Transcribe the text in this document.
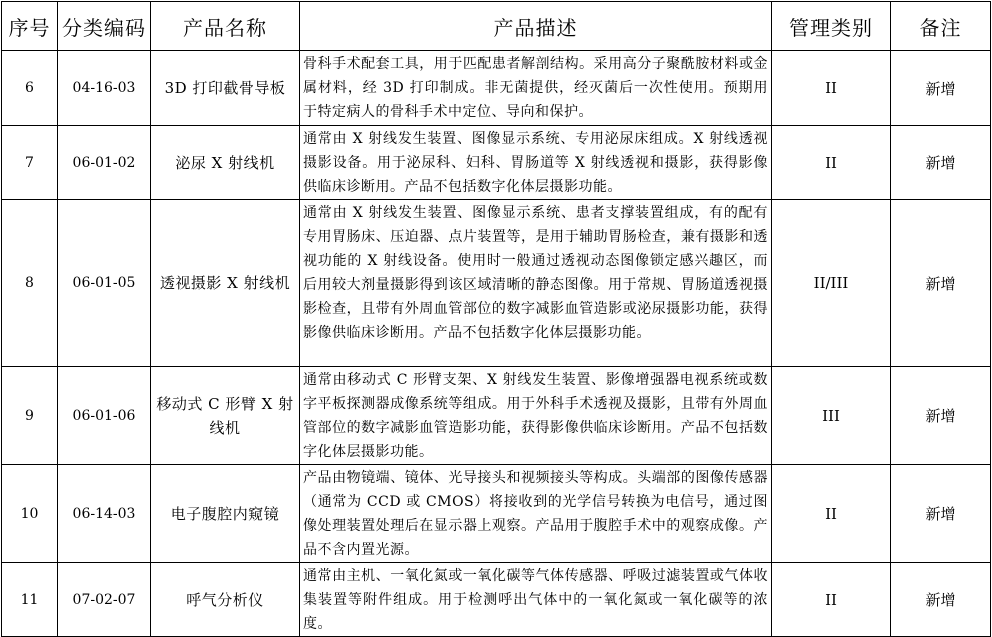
序号	分类编码	产品名称	产品描述	管理类别	备注
6	04-16-03	3D 打印截骨导板	骨科手术配套工具，用于匹配患者解剖结构。采用高分子聚酰胺材料或金属材料，经 3D 打印制成。非无菌提供，经灭菌后一次性使用。预期用于特定病人的骨科手术中定位、导向和保护。	II	新增
7	06-01-02	泌尿 X 射线机	通常由 X 射线发生装置、图像显示系统、专用泌尿床组成。X 射线透视摄影设备。用于泌尿科、妇科、胃肠道等 X 射线透视和摄影，获得影像供临床诊断用。产品不包括数字化体层摄影功能。	II	新增
8	06-01-05	透视摄影 X 射线机	通常由 X 射线发生装置、图像显示系统、患者支撑装置组成，有的配有专用胃肠床、压迫器、点片装置等，是用于辅助胃肠检查，兼有摄影和透视功能的 X 射线设备。使用时一般通过透视动态图像锁定感兴趣区，而后用较大剂量摄影得到该区域清晰的静态图像。用于常规、胃肠道透视摄影检查，且带有外周血管部位的数字减影血管造影或泌尿摄影功能，获得影像供临床诊断用。产品不包括数字化体层摄影功能。	II/III	新增
9	06-01-06	移动式 C 形臂 X 射线机	通常由移动式 C 形臂支架、X 射线发生装置、影像增强器电视系统或数字平板探测器成像系统等组成。用于外科手术透视及摄影，且带有外周血管部位的数字减影血管造影功能，获得影像供临床诊断用。产品不包括数字化体层摄影功能。	III	新增
10	06-14-03	电子腹腔内窥镜	产品由物镜端、镜体、光导接头和视频接头等构成。头端部的图像传感器（通常为 CCD 或 CMOS）将接收到的光学信号转换为电信号，通过图像处理装置处理后在显示器上观察。产品用于腹腔手术中的观察成像。产品不含内置光源。	II	新增
11	07-02-07	呼气分析仪	通常由主机、一氧化氮或一氧化碳等气体传感器、呼吸过滤装置或气体收集装置等附件组成。用于检测呼出气体中的一氧化氮或一氧化碳等的浓度。	II	新增
